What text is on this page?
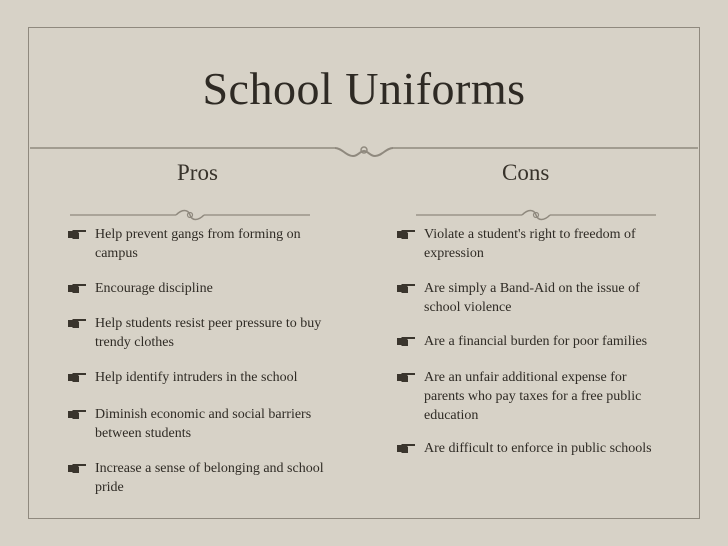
School Uniforms
Pros
Help prevent gangs from forming on campus
Encourage discipline
Help students resist peer pressure to buy trendy clothes
Help identify intruders in the school
Diminish economic and social barriers between students
Increase a sense of belonging and school pride
Cons
Violate a student's right to freedom of expression
Are simply a Band-Aid on the issue of school violence
Are a financial burden for poor families
Are an unfair additional expense for parents who pay taxes for a free public education
Are difficult to enforce in public schools
